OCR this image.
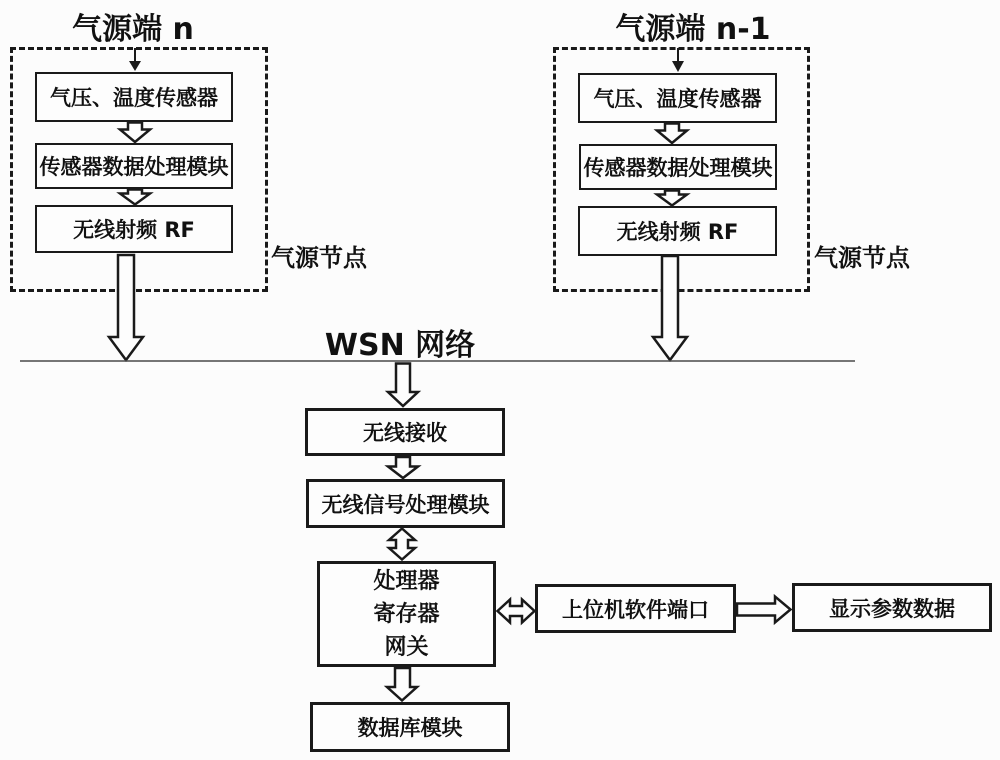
气源端 n
气压、温度传感器
传感器数据处理模块
无线射频 RF
气源节点
气源端 n-1
气压、温度传感器
传感器数据处理模块
无线射频 RF
气源节点
WSN 网络
无线接收
无线信号处理模块
处理器
寄存器
网关
数据库模块
上位机软件端口	显示参数数据
